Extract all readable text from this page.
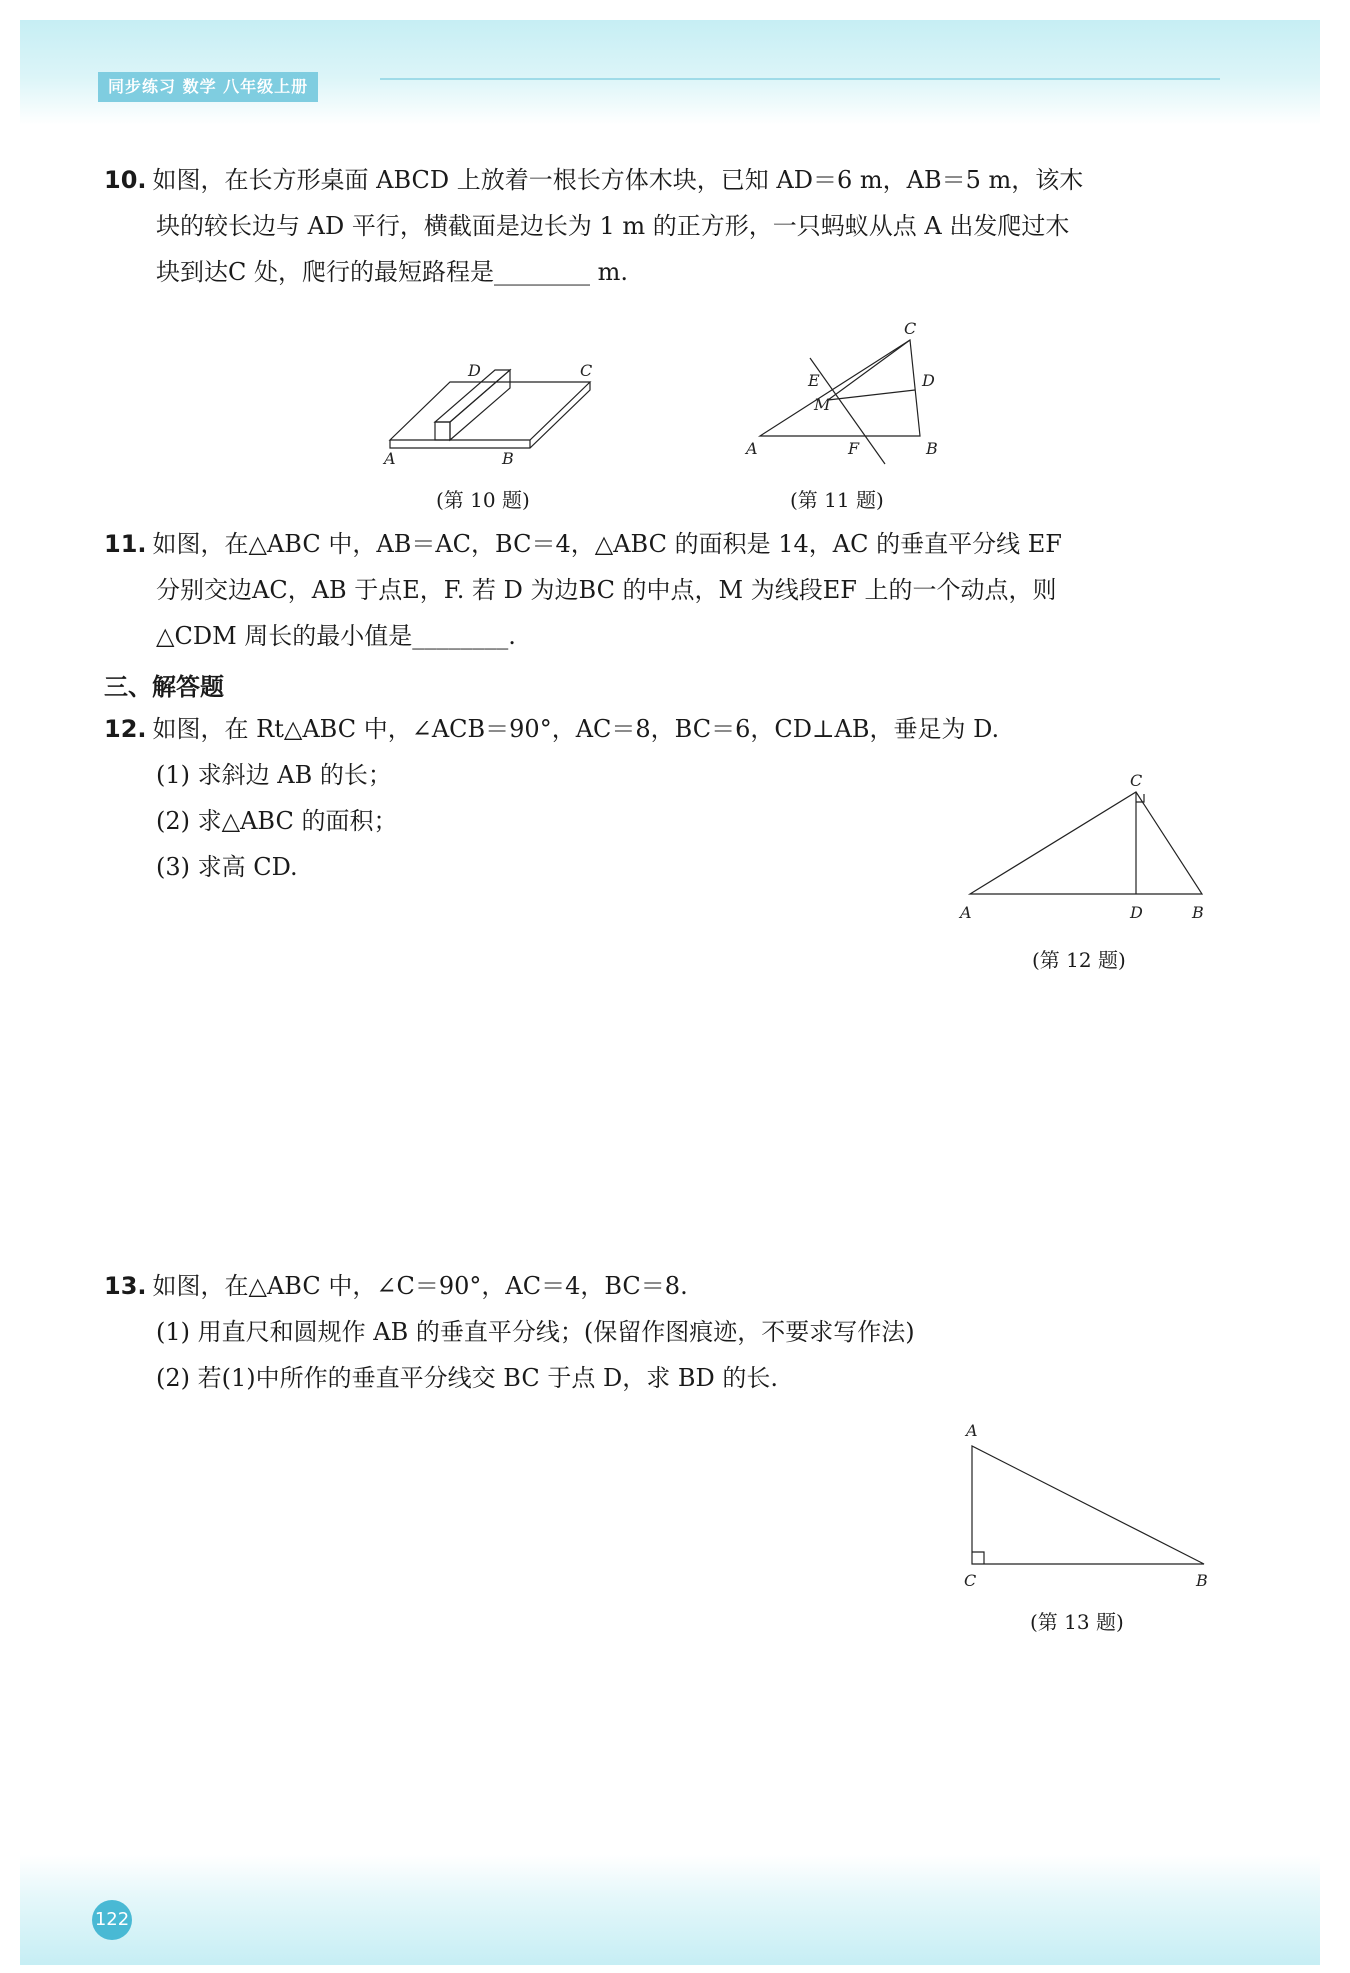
同步练习 数学 八年级上册
10. 如图，在长方形桌面 ABCD 上放着一根长方体木块，已知 AD＝6 m，AB＝5 m，该木
块的较长边与 AD 平行，横截面是边长为 1 m 的正方形，一只蚂蚁从点 A 出发爬过木
块到达C 处，爬行的最短路程是________ m.
A	B
C
D
(第 10 题)
A	B
C
D
E
F
M
(第 11 题)
11. 如图，在△ABC 中，AB＝AC，BC＝4，△ABC 的面积是 14，AC 的垂直平分线 EF
分别交边AC，AB 于点E，F. 若 D 为边BC 的中点，M 为线段EF 上的一个动点，则
△CDM 周长的最小值是________.
三、解答题
12. 如图，在 Rt△ABC 中，∠ACB＝90°，AC＝8，BC＝6，CD⊥AB，垂足为 D.
(1) 求斜边 AB 的长；
(2) 求△ABC 的面积；
(3) 求高 CD.
A	B
C
D
(第 12 题)
13. 如图，在△ABC 中，∠C＝90°，AC＝4，BC＝8.
(1) 用直尺和圆规作 AB 的垂直平分线；(保留作图痕迹，不要求写作法)
(2) 若(1)中所作的垂直平分线交 BC 于点 D，求 BD 的长.
A
B
C
(第 13 题)
122
